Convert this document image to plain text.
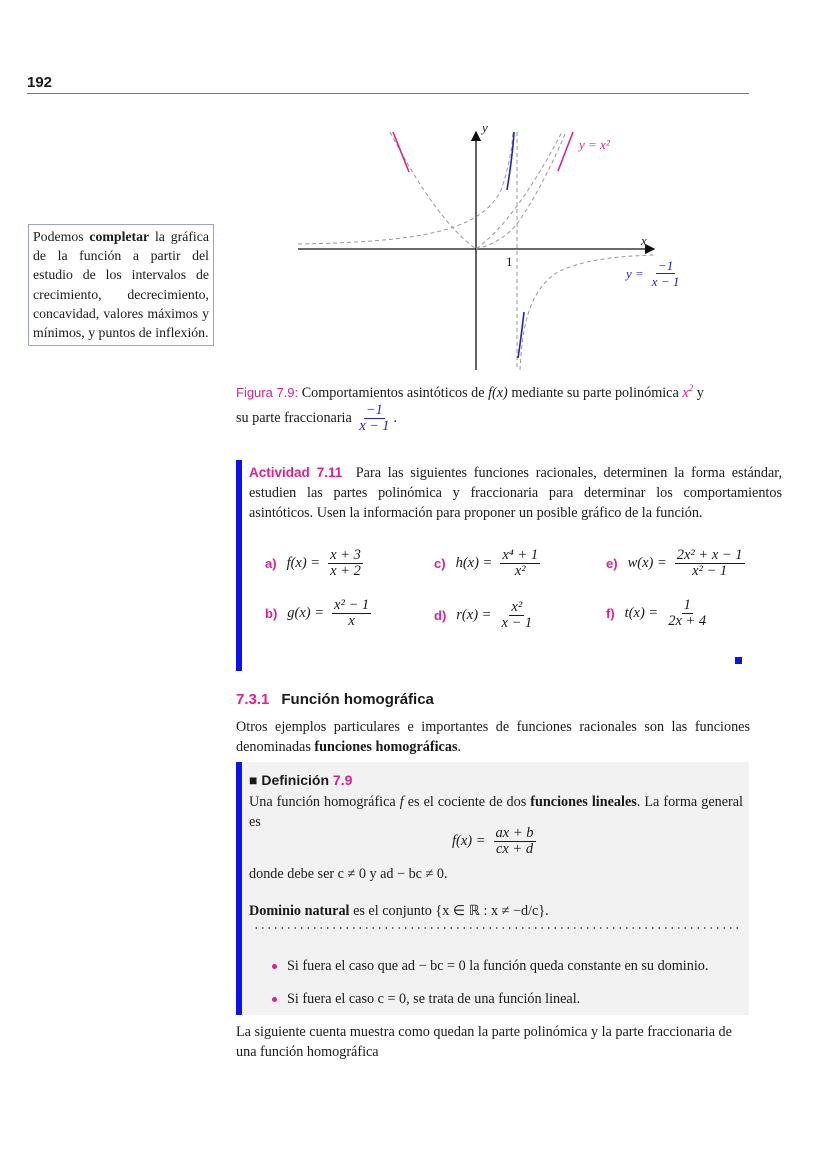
192
Podemos completar la gráfica de la función a partir del estudio de los intervalos de crecimiento, decrecimiento, concavidad, valores máximos y mínimos, y puntos de inflexión.
y
x
1
y = x²
$y = \frac{-1}{x - 1}$
Figura 7.9: Comportamientos asintóticos de f(x) mediante su parte polinómica $x^2$ y
su parte fraccionaria $\frac{-1}{x - 1}$ .
Actividad 7.11 Para las siguientes funciones racionales, determinen la forma estándar, estudien las partes polinómica y fraccionaria para determinar los comportamientos asintóticos. Usen la información para proponer un posible gráfico de la función.
a) $f(x) = \frac{x + 3}{x + 2}$
b) $g(x) = \frac{\text{x² − 1}}{x}$
c) $h(x) = \frac{\text{x⁴ + 1}}{\text{x²}}$
d) $r(x) = \frac{\text{x²}}{x - 1}$
e) $w(x) = \frac{\text{2x² + x − 1}}{\text{x² − 1}}$
f) $t(x) = \frac{1}{2x + 4}$
7.3.1 Función homográfica
Otros ejemplos particulares e importantes de funciones racionales son las funciones denominadas funciones homográficas.
■ Definición 7.9
Una función homográfica f es el cociente de dos funciones lineales. La forma general es
$f(x) = \frac{ax + b}{cx + d}$
donde debe ser c ≠ 0 y ad − bc ≠ 0.
Dominio natural es el conjunto {x ∈ ℝ : x ≠ −d/c}.
Si fuera el caso que ad − bc = 0 la función queda constante en su dominio.
Si fuera el caso c = 0, se trata de una función lineal.
La siguiente cuenta muestra como quedan la parte polinómica y la parte fraccionaria de una función homográfica
